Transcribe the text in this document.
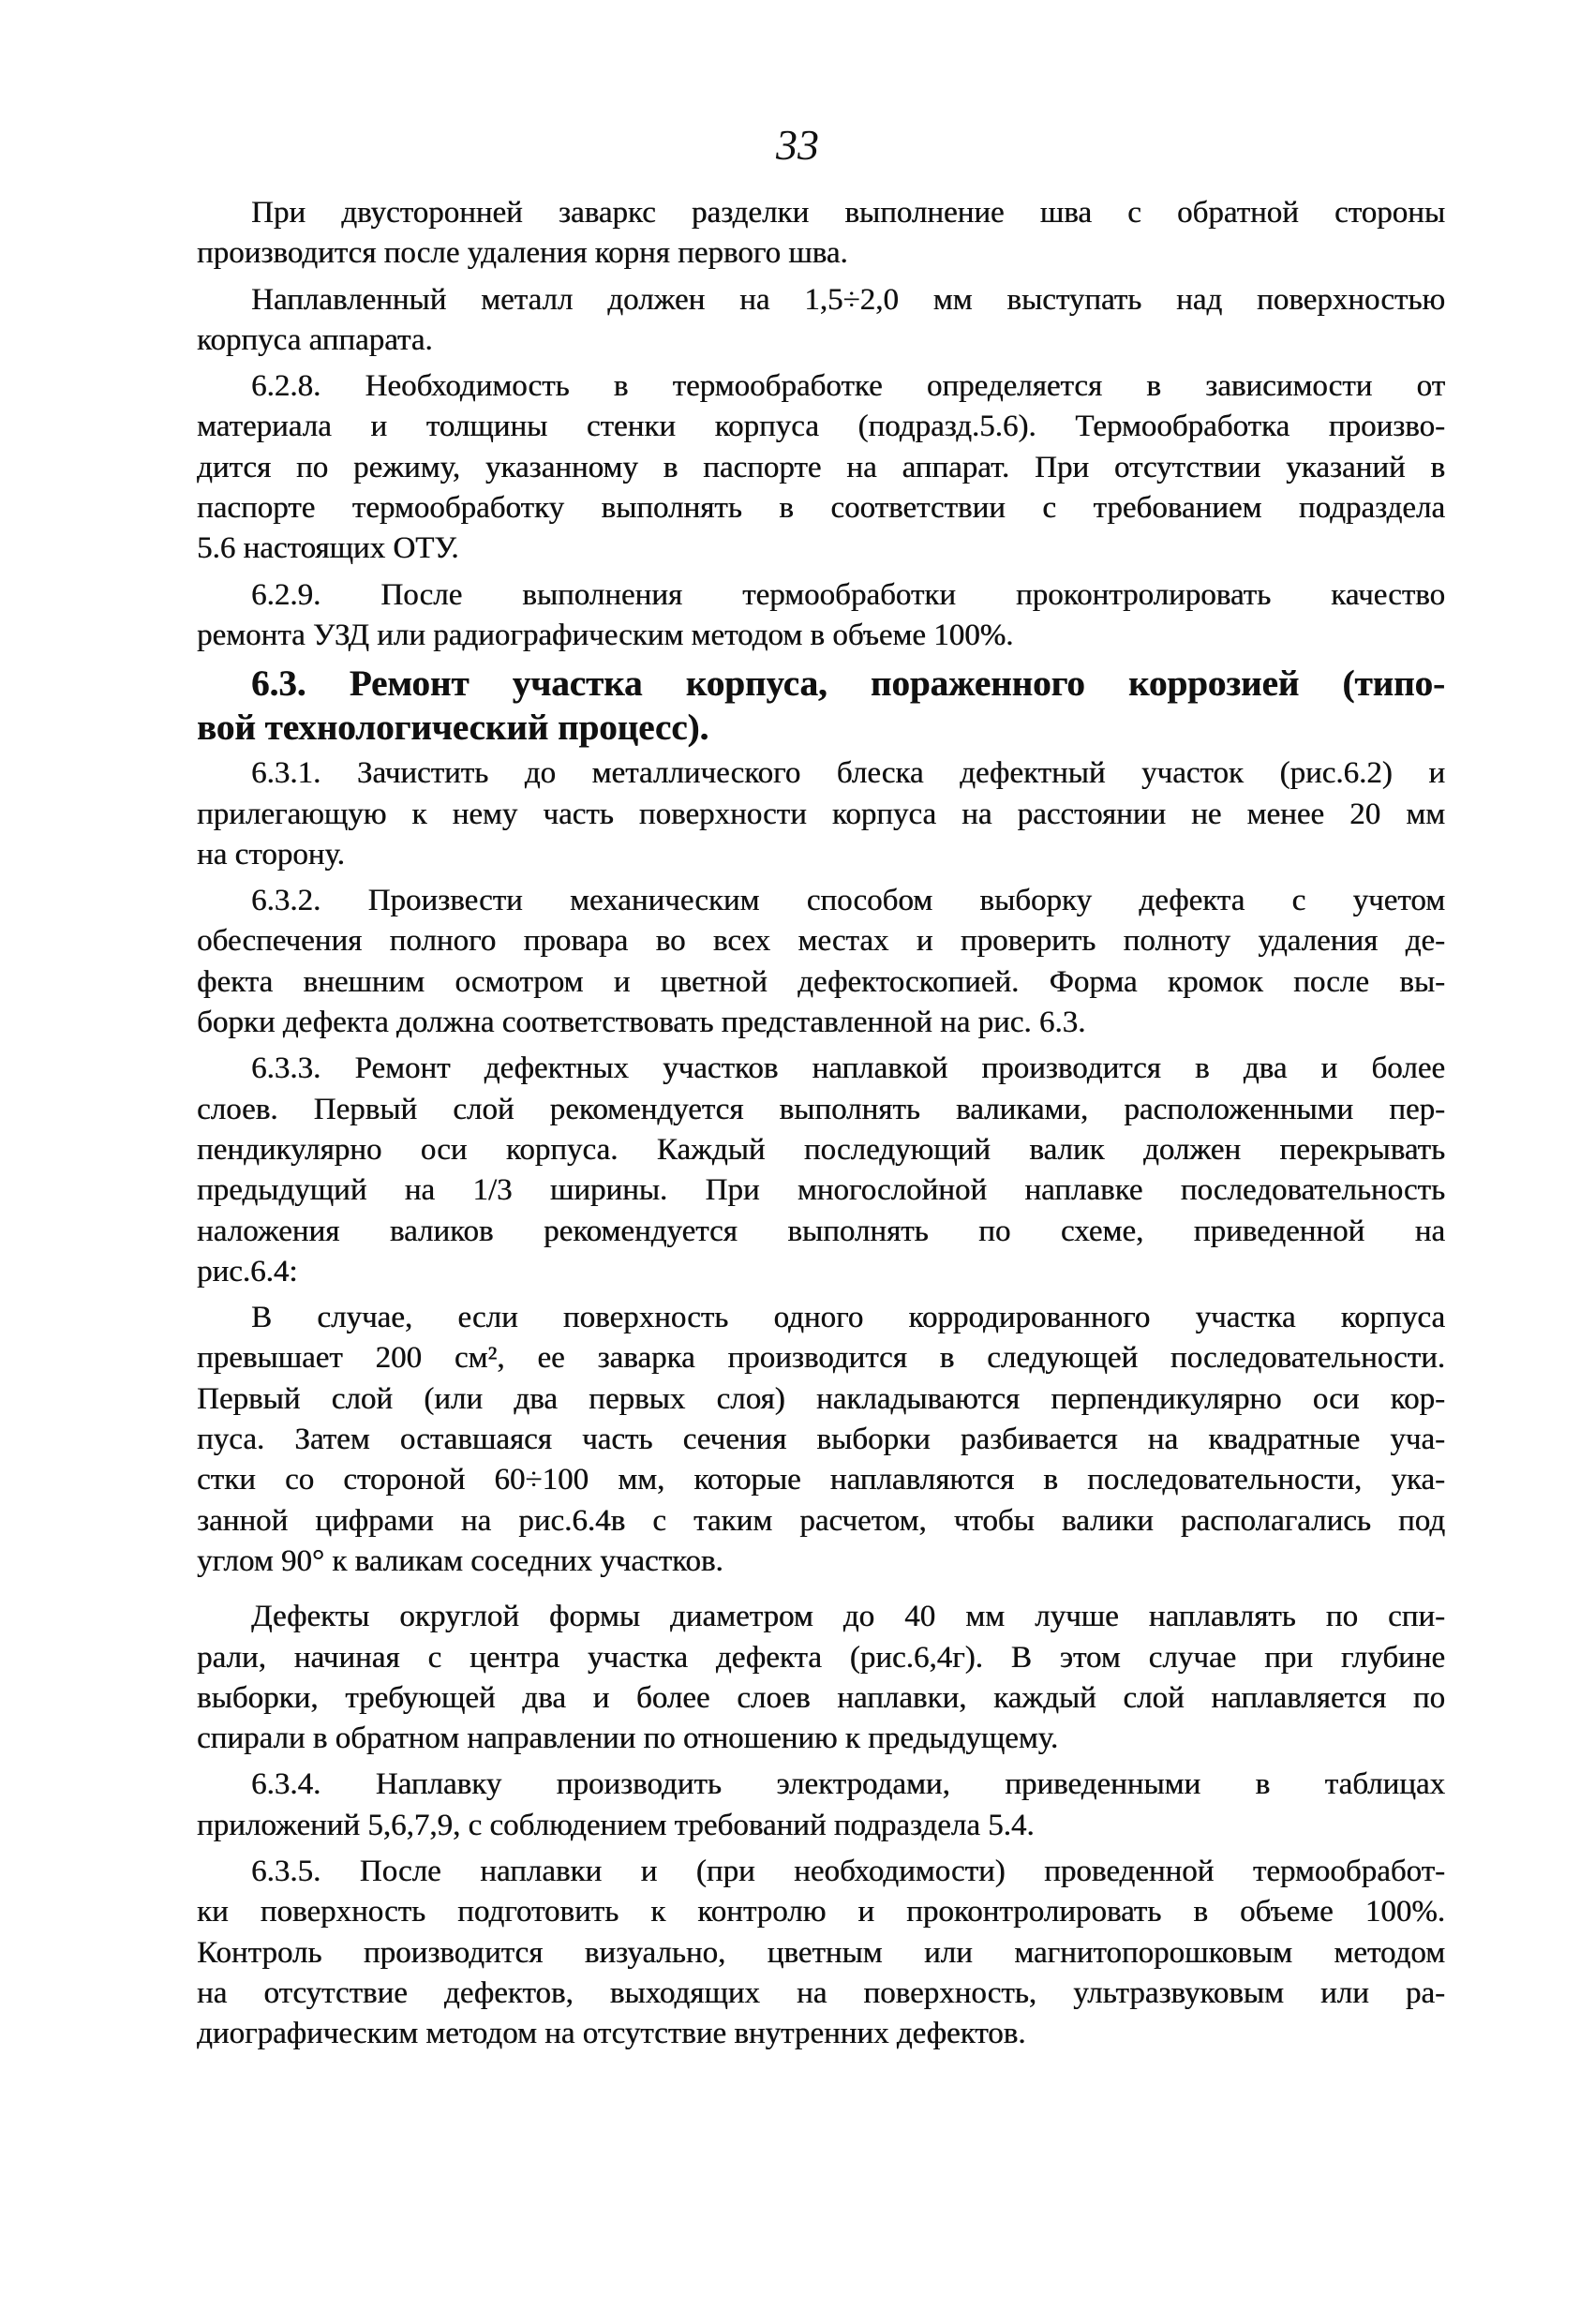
33
При двусторонней заваркс разделки выполнение шва с обратной стороны
производится после удаления корня первого шва.
Наплавленный металл должен на 1,5÷2,0 мм выступать над поверхностью
корпуса аппарата.
6.2.8. Необходимость в термообработке определяется в зависимости от
материала и толщины стенки корпуса (подразд.5.6). Термообработка произво-
дится по режиму, указанному в паспорте на аппарат. При отсутствии указаний в
паспорте термообработку выполнять в соответствии с требованием подраздела
5.6 настоящих ОТУ.
6.2.9. После выполнения термообработки проконтролировать качество
ремонта УЗД или радиографическим методом в объеме 100%.
6.3. Ремонт участка корпуса, пораженного коррозией (типо-
вой технологический процесс).
6.3.1. Зачистить до металлического блеска дефектный участок (рис.6.2) и
прилегающую к нему часть поверхности корпуса на расстоянии не менее 20 мм
на сторону.
6.3.2. Произвести механическим способом выборку дефекта с учетом
обеспечения полного провара во всех местах и проверить полноту удаления де-
фекта внешним осмотром и цветной дефектоскопией. Форма кромок после вы-
борки дефекта должна соответствовать представленной на рис. 6.3.
6.3.3. Ремонт дефектных участков наплавкой производится в два и более
слоев. Первый слой рекомендуется выполнять валиками, расположенными пер-
пендикулярно оси корпуса. Каждый последующий валик должен перекрывать
предыдущий на 1/3 ширины. При многослойной наплавке последовательность
наложения валиков рекомендуется выполнять по схеме, приведенной на
рис.6.4:
В случае, если поверхность одного корродированного участка корпуса
превышает 200 см², ее заварка производится в следующей последовательности.
Первый слой (или два первых слоя) накладываются перпендикулярно оси кор-
пуса. Затем оставшаяся часть сечения выборки разбивается на квадратные уча-
стки со стороной 60÷100 мм, которые наплавляются в последовательности, ука-
занной цифрами на рис.6.4в с таким расчетом, чтобы валики располагались под
углом 90° к валикам соседних участков.
Дефекты округлой формы диаметром до 40 мм лучше наплавлять по спи-
рали, начиная с центра участка дефекта (рис.6,4г). В этом случае при глубине
выборки, требующей два и более слоев наплавки, каждый слой наплавляется по
спирали в обратном направлении по отношению к предыдущему.
6.3.4. Наплавку производить электродами, приведенными в таблицах
приложений 5,6,7,9, с соблюдением требований подраздела 5.4.
6.3.5. После наплавки и (при необходимости) проведенной термообработ-
ки поверхность подготовить к контролю и проконтролировать в объеме 100%.
Контроль производится визуально, цветным или магнитопорошковым методом
на отсутствие дефектов, выходящих на поверхность, ультразвуковым или ра-
диографическим методом на отсутствие внутренних дефектов.
